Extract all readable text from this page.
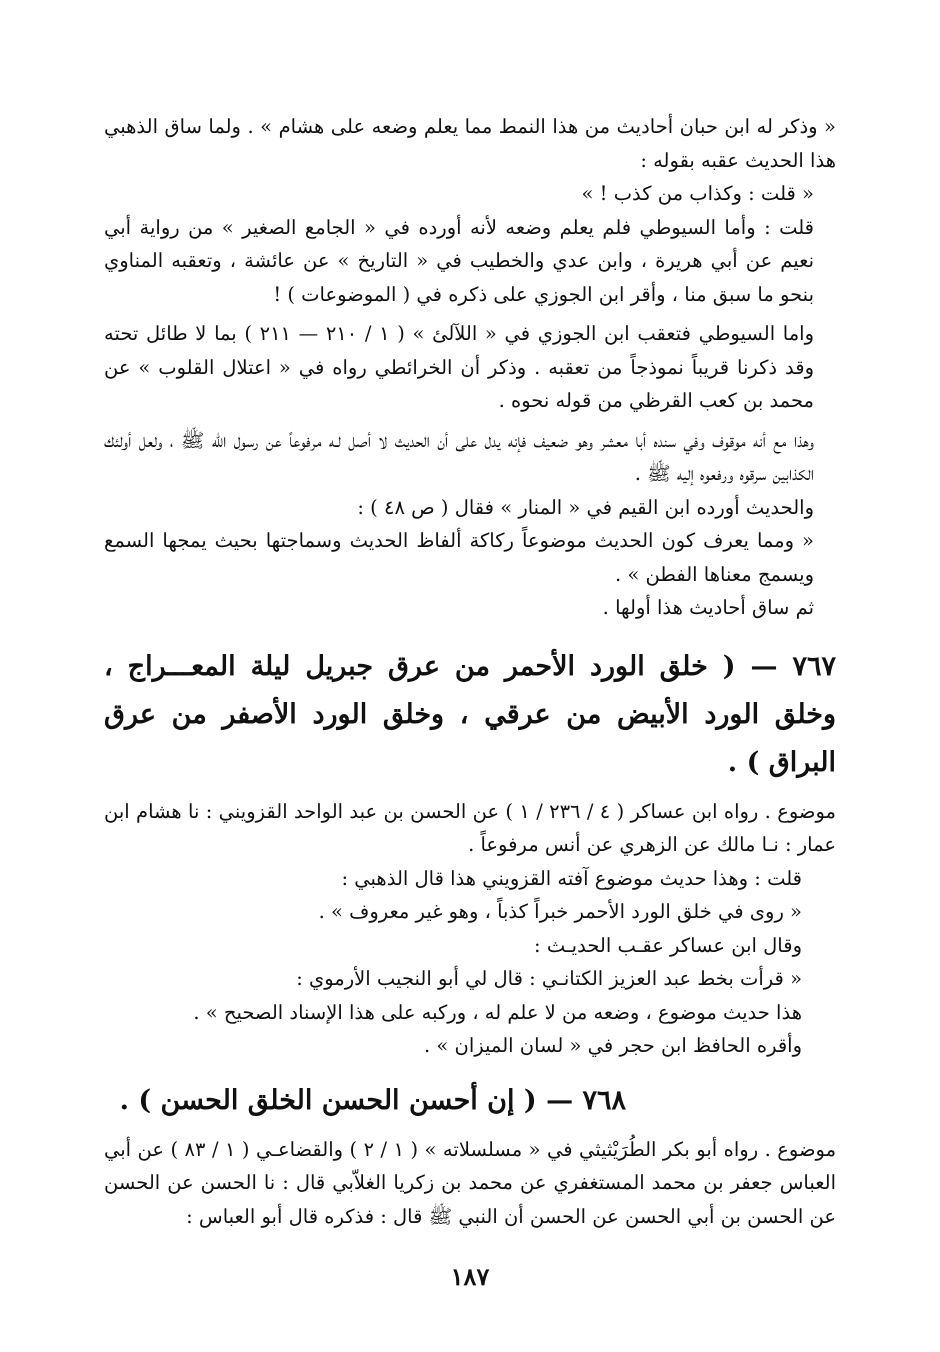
« وذكر له ابن حبان أحاديث من هذا النمط مما يعلم وضعه على هشام » . ولما ساق الذهبي هذا الحديث عقبه بقوله :

« قلت : وكذاب من كذب ! »

قلت : وأما السيوطي فلم يعلم وضعه لأنه أورده في « الجامع الصغير » من رواية أبي نعيم عن أبي هريرة ، وابن عدي والخطيب في « التاريخ » عن عائشة ، وتعقبه المناوي بنحو ما سبق منا ، وأقر ابن الجوزي على ذكره في ( الموضوعات ) !

واما السيوطي فتعقب ابن الجوزي في « اللآلئ » ( ١ / ٢١٠ — ٢١١ ) بما لا طائل تحته وقد ذكرنا قريباً نموذجاً من تعقبه . وذكر أن الخرائطي رواه في « اعتلال القلوب » عن محمد بن كعب القرظي من قوله نحوه .

وهذا مع أنه موقوف وفي سنده أبا معشر وهو ضعيف فإنه يدل على أن الحديث لا أصل لـه مرفوعاً عن رسول الله ﷺ ، ولعل أولئك الكذابين سرقوه ورفعوه إليه ﷺ .

والحديث أورده ابن القيم في « المنار » فقال ( ص ٤٨ ) :

« ومما يعرف كون الحديث موضوعاً ركاكة ألفاظ الحديث وسماجتها بحيث يمجها السمع ويسمج معناها الفطن » .

ثم ساق أحاديث هذا أولها .

٧٦٧ — ( خلق الورد الأحمر من عرق جبريل ليلة المعـــراج ، وخلق الورد الأبيض من عرقي ، وخلق الورد الأصفر من عرق البراق ) .

موضوع . رواه ابن عساكر ( ٤ / ٢٣٦ / ١ ) عن الحسن بن عبد الواحد القزويني : نا هشام ابن عمار : نـا مالك عن الزهري عن أنس مرفوعاً .

قلت : وهذا حديث موضوع آفته القزويني هذا قال الذهبي :

« روى في خلق الورد الأحمر خبراً كذباً ، وهو غير معروف » .

وقال ابن عساكر عقـب الحديـث :

« قرأت بخط عبد العزيز الكتانـي : قال لي أبو النجيب الأرموي :

هذا حديث موضوع ، وضعه من لا علم له ، وركبه على هذا الإسناد الصحيح » .

وأقره الحافظ ابن حجر في « لسان الميزان » .

٧٦٨ — ( إن أحسن الحسن الخلق الحسن ) .

موضوع . رواه أبو بكر الطُرَيْثيثي في « مسلسلاته » ( ١ / ٢ ) والقضاعـي ( ١ / ٨٣ ) عن أبي العباس جعفر بن محمد المستغفري عن محمد بن زكريا الغلاّبي قال : نا الحسن عن الحسن عن الحسن بن أبي الحسن عن الحسن أن النبي ﷺ قال : فذكره قال أبو العباس :

١٨٧
